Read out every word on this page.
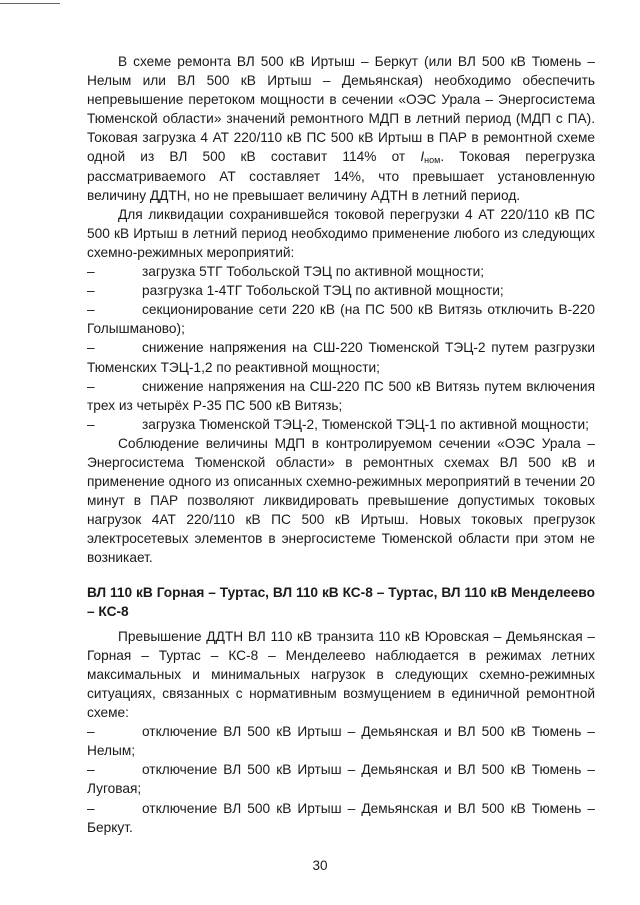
В схеме ремонта ВЛ 500 кВ Иртыш – Беркут (или ВЛ 500 кВ Тюмень – Нелым или ВЛ 500 кВ Иртыш – Демьянская) необходимо обеспечить непревышение перетоком мощности в сечении «ОЭС Урала – Энергосистема Тюменской области» значений ремонтного МДП в летний период (МДП с ПА). Токовая загрузка 4 АТ 220/110 кВ ПС 500 кВ Иртыш в ПАР в ремонтной схеме одной из ВЛ 500 кВ составит 114% от $I_{ном}$. Токовая перегрузка рассматриваемого АТ составляет 14%, что превышает установленную величину ДДТН, но не превышает величину АДТН в летний период.

Для ликвидации сохранившейся токовой перегрузки 4 АТ 220/110 кВ ПС 500 кВ Иртыш в летний период необходимо применение любого из следующих схемно-режимных мероприятий:

–	загрузка 5ТГ Тобольской ТЭЦ по активной мощности;

–	разгрузка 1-4ТГ Тобольской ТЭЦ по активной мощности;

–	секционирование сети 220 кВ (на ПС 500 кВ Витязь отключить В-220 Голышманово);

–	снижение напряжения на СШ-220 Тюменской ТЭЦ-2 путем разгрузки Тюменских ТЭЦ-1,2 по реактивной мощности;

–	снижение напряжения на СШ-220 ПС 500 кВ Витязь путем включения трех из четырёх Р-35 ПС 500 кВ Витязь;

–	загрузка Тюменской ТЭЦ-2, Тюменской ТЭЦ-1 по активной мощности;

Соблюдение величины МДП в контролируемом сечении «ОЭС Урала – Энергосистема Тюменской области» в ремонтных схемах ВЛ 500 кВ и применение одного из описанных схемно-режимных мероприятий в течении 20 минут в ПАР позволяют ликвидировать превышение допустимых токовых нагрузок 4АТ 220/110 кВ ПС 500 кВ Иртыш. Новых токовых прегрузок электросетевых элементов в энергосистеме Тюменской области при этом не возникает.

ВЛ 110 кВ Горная – Туртас, ВЛ 110 кВ КС-8 – Туртас, ВЛ 110 кВ Менделеево – КС-8

Превышение ДДТН ВЛ 110 кВ транзита 110 кВ Юровская – Демьянская – Горная – Туртас – КС-8 – Менделеево наблюдается в режимах летних максимальных и минимальных нагрузок в следующих схемно-режимных ситуациях, связанных с нормативным возмущением в единичной ремонтной схеме:

–	отключение ВЛ 500 кВ Иртыш – Демьянская и ВЛ 500 кВ Тюмень – Нелым;

–	отключение ВЛ 500 кВ Иртыш – Демьянская и ВЛ 500 кВ Тюмень – Луговая;

–	отключение ВЛ 500 кВ Иртыш – Демьянская и ВЛ 500 кВ Тюмень – Беркут.

30
